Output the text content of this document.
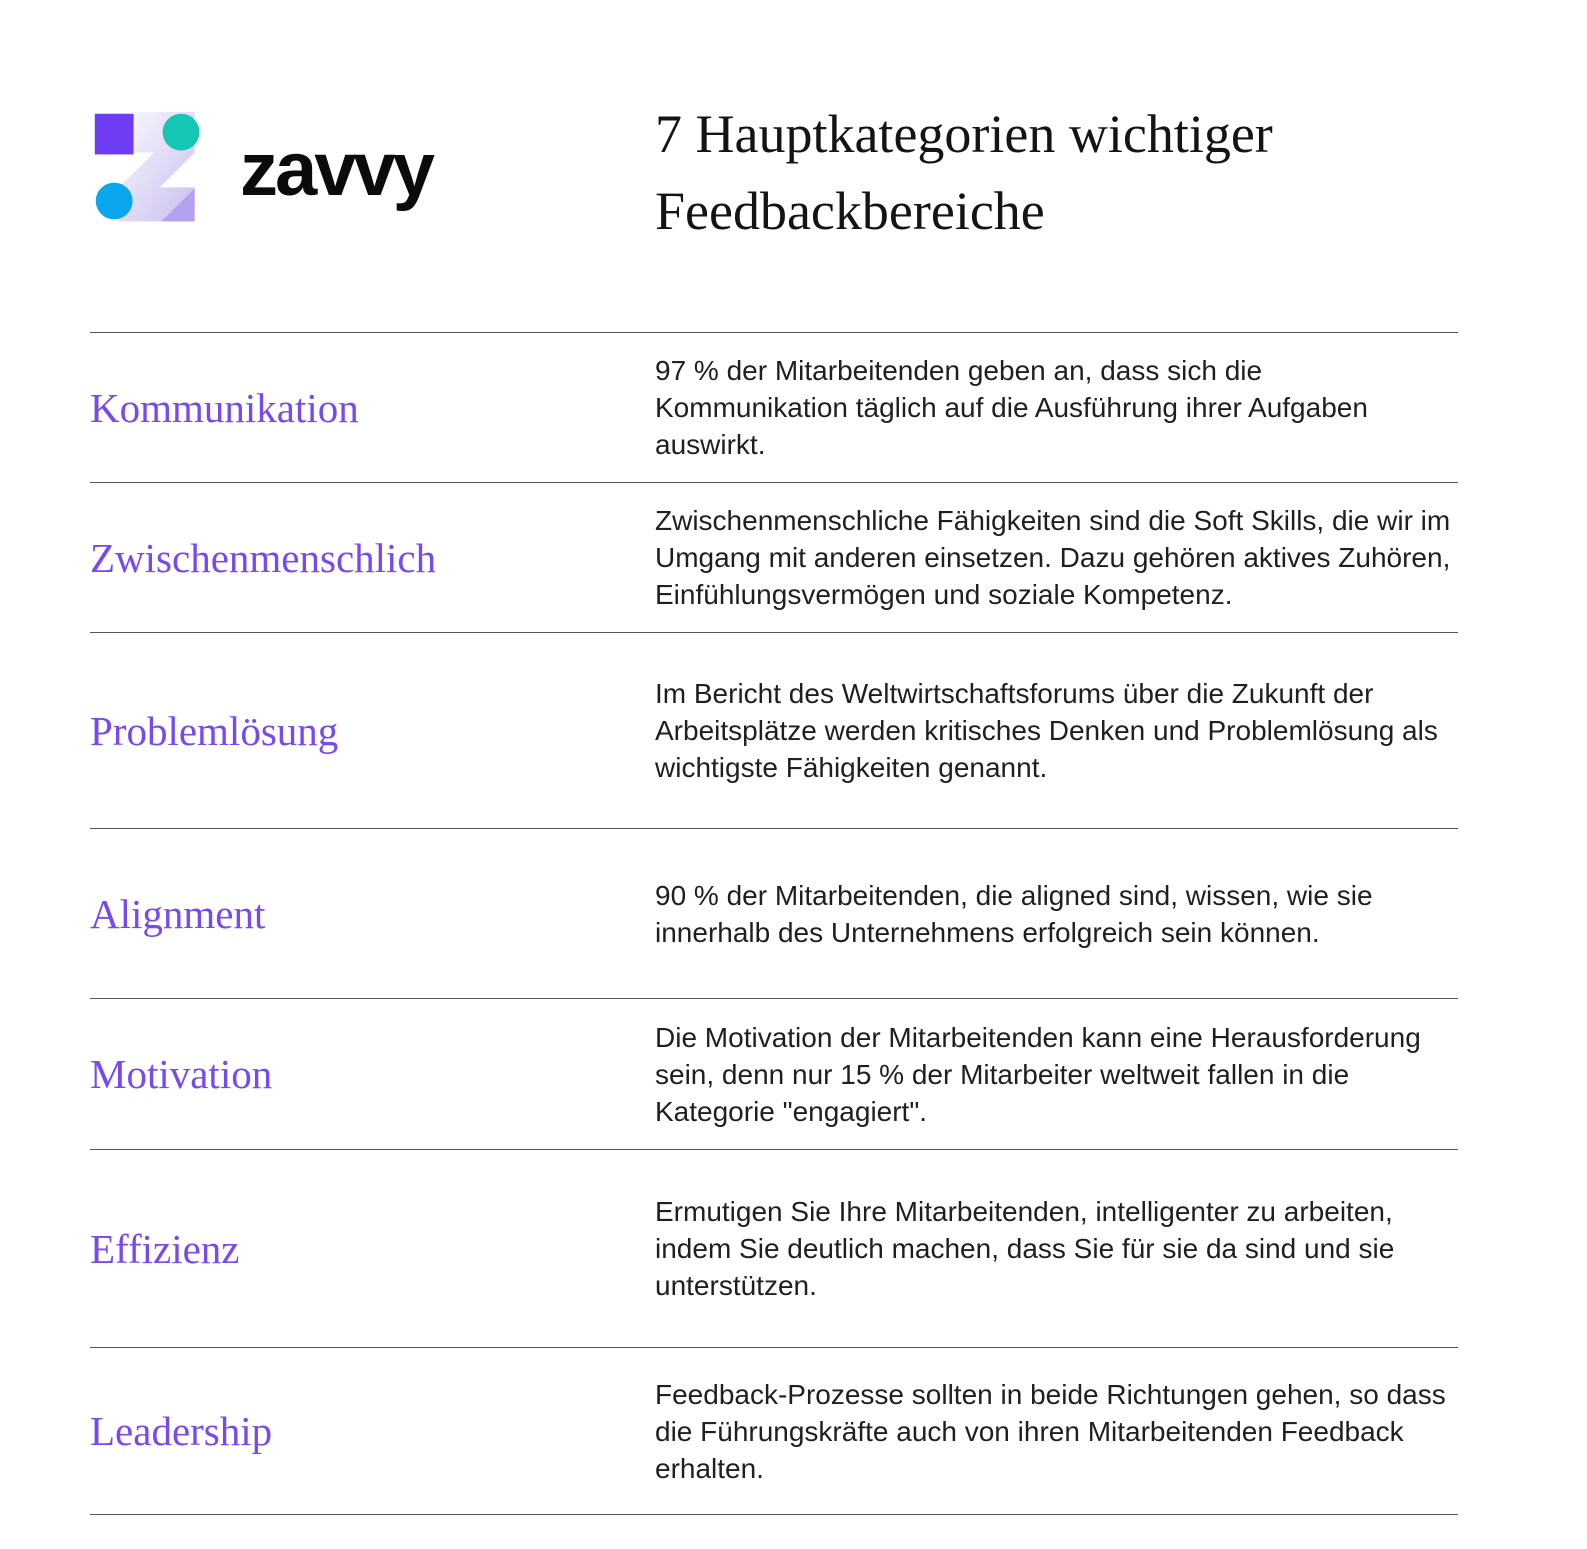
zavvy	7 Hauptkategorien wichtiger Feedbackbereiche
Kommunikation
97 % der Mitarbeitenden geben an, dass sich die Kommunikation täglich auf die Ausführung ihrer Aufgaben auswirkt.
Zwischenmenschlich
Zwischenmenschliche Fähigkeiten sind die Soft Skills, die wir im Umgang mit anderen einsetzen. Dazu gehören aktives Zuhören, Einfühlungsvermögen und soziale Kompetenz.
Problemlösung
Im Bericht des Weltwirtschaftsforums über die Zukunft der Arbeitsplätze werden kritisches Denken und Problemlösung als wichtigste Fähigkeiten genannt.
Alignment	90 % der Mitarbeitenden, die aligned sind, wissen, wie sie innerhalb des Unternehmens erfolgreich sein können.
Motivation
Die Motivation der Mitarbeitenden kann eine Herausforderung sein, denn nur 15 % der Mitarbeiter weltweit fallen in die Kategorie "engagiert".
Effizienz
Ermutigen Sie Ihre Mitarbeitenden, intelligenter zu arbeiten, indem Sie deutlich machen, dass Sie für sie da sind und sie unterstützen.
Leadership
Feedback-Prozesse sollten in beide Richtungen gehen, so dass die Führungskräfte auch von ihren Mitarbeitenden Feedback erhalten.
